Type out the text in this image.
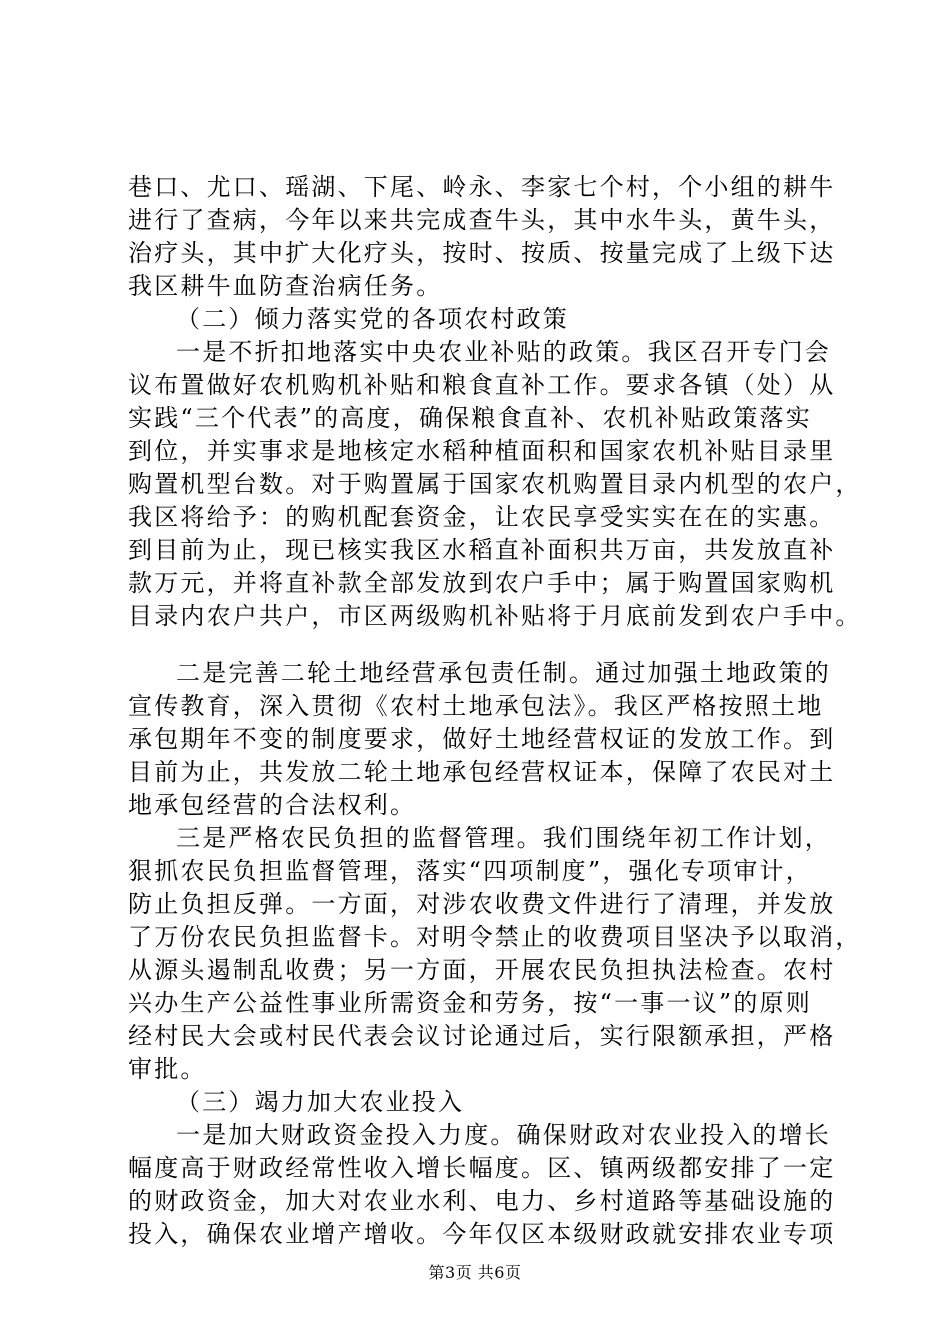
巷口、尤口、瑶湖、下尾、岭永、李家七个村，个小组的耕牛
进行了查病，今年以来共完成查牛头，其中水牛头，黄牛头，
治疗头，其中扩大化疗头，按时、按质、按量完成了上级下达
我区耕牛血防查治病任务。
（二）倾力落实党的各项农村政策
一是不折扣地落实中央农业补贴的政策。我区召开专门会
议布置做好农机购机补贴和粮食直补工作。要求各镇（处）从
实践“三个代表”的高度，确保粮食直补、农机补贴政策落实
到位，并实事求是地核定水稻种植面积和国家农机补贴目录里
购置机型台数。对于购置属于国家农机购置目录内机型的农户，
我区将给予：的购机配套资金，让农民享受实实在在的实惠。
到目前为止，现已核实我区水稻直补面积共万亩，共发放直补
款万元，并将直补款全部发放到农户手中；属于购置国家购机
目录内农户共户，市区两级购机补贴将于月底前发到农户手中。
二是完善二轮土地经营承包责任制。通过加强土地政策的
宣传教育，深入贯彻《农村土地承包法》。我区严格按照土地
承包期年不变的制度要求，做好土地经营权证的发放工作。到
目前为止，共发放二轮土地承包经营权证本，保障了农民对土
地承包经营的合法权利。
三是严格农民负担的监督管理。我们围绕年初工作计划，
狠抓农民负担监督管理，落实“四项制度”，强化专项审计，
防止负担反弹。一方面，对涉农收费文件进行了清理，并发放
了万份农民负担监督卡。对明令禁止的收费项目坚决予以取消，
从源头遏制乱收费；另一方面，开展农民负担执法检查。农村
兴办生产公益性事业所需资金和劳务，按“一事一议”的原则
经村民大会或村民代表会议讨论通过后，实行限额承担，严格
审批。
（三）竭力加大农业投入
一是加大财政资金投入力度。确保财政对农业投入的增长
幅度高于财政经常性收入增长幅度。区、镇两级都安排了一定
的财政资金，加大对农业水利、电力、乡村道路等基础设施的
投入，确保农业增产增收。今年仅区本级财政就安排农业专项
第3页 共6页
